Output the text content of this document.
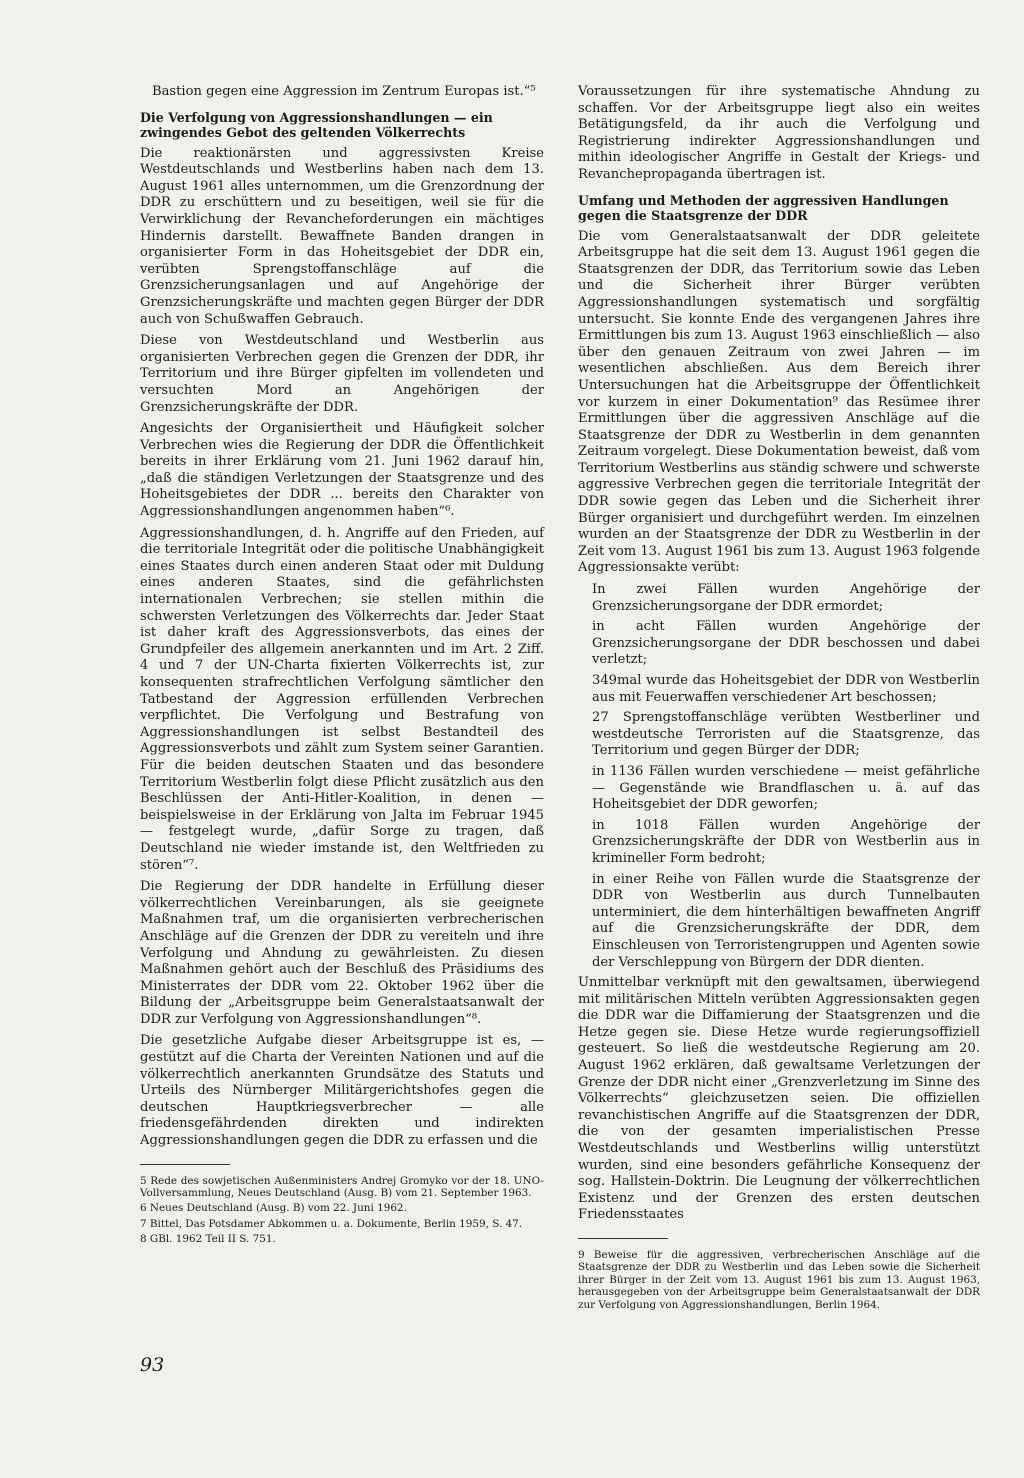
Bastion gegen eine Aggression im Zentrum Europas ist.“⁵

Die Verfolgung von Aggressionshandlungen — ein zwingendes Gebot des geltenden Völkerrechts

Die reaktionärsten und aggressivsten Kreise Westdeutschlands und Westberlins haben nach dem 13. August 1961 alles unternommen, um die Grenzordnung der DDR zu erschüttern und zu beseitigen, weil sie für die Verwirklichung der Revancheforderungen ein mächtiges Hindernis darstellt. Bewaffnete Banden drangen in organisierter Form in das Hoheitsgebiet der DDR ein, verübten Sprengstoffanschläge auf die Grenzsicherungsanlagen und auf Angehörige der Grenzsicherungskräfte und machten gegen Bürger der DDR auch von Schußwaffen Gebrauch.

Diese von Westdeutschland und Westberlin aus organisierten Verbrechen gegen die Grenzen der DDR, ihr Territorium und ihre Bürger gipfelten im vollendeten und versuchten Mord an Angehörigen der Grenzsicherungskräfte der DDR.

Angesichts der Organisiertheit und Häufigkeit solcher Verbrechen wies die Regierung der DDR die Öffentlichkeit bereits in ihrer Erklärung vom 21. Juni 1962 darauf hin, „daß die ständigen Verletzungen der Staatsgrenze und des Hoheitsgebietes der DDR ... bereits den Charakter von Aggressionshandlungen angenommen haben“⁶.

Aggressionshandlungen, d. h. Angriffe auf den Frieden, auf die territoriale Integrität oder die politische Unabhängigkeit eines Staates durch einen anderen Staat oder mit Duldung eines anderen Staates, sind die gefährlichsten internationalen Verbrechen; sie stellen mithin die schwersten Verletzungen des Völkerrechts dar. Jeder Staat ist daher kraft des Aggressionsverbots, das eines der Grundpfeiler des allgemein anerkannten und im Art. 2 Ziff. 4 und 7 der UN-Charta fixierten Völkerrechts ist, zur konsequenten strafrechtlichen Verfolgung sämtlicher den Tatbestand der Aggression erfüllenden Verbrechen verpflichtet. Die Verfolgung und Bestrafung von Aggressionshandlungen ist selbst Bestandteil des Aggressionsverbots und zählt zum System seiner Garantien. Für die beiden deutschen Staaten und das besondere Territorium Westberlin folgt diese Pflicht zusätzlich aus den Beschlüssen der Anti-Hitler-Koalition, in denen — beispielsweise in der Erklärung von Jalta im Februar 1945 — festgelegt wurde, „dafür Sorge zu tragen, daß Deutschland nie wieder imstande ist, den Weltfrieden zu stören“⁷.

Die Regierung der DDR handelte in Erfüllung dieser völkerrechtlichen Vereinbarungen, als sie geeignete Maßnahmen traf, um die organisierten verbrecherischen Anschläge auf die Grenzen der DDR zu vereiteln und ihre Verfolgung und Ahndung zu gewährleisten. Zu diesen Maßnahmen gehört auch der Beschluß des Präsidiums des Ministerrates der DDR vom 22. Oktober 1962 über die Bildung der „Arbeitsgruppe beim Generalstaatsanwalt der DDR zur Verfolgung von Aggressionshandlungen“⁸.

Die gesetzliche Aufgabe dieser Arbeitsgruppe ist es, — gestützt auf die Charta der Vereinten Nationen und auf die völkerrechtlich anerkannten Grundsätze des Statuts und Urteils des Nürnberger Militärgerichtshofes gegen die deutschen Hauptkriegsverbrecher — alle friedensgefährdenden direkten und indirekten Aggressionshandlungen gegen die DDR zu erfassen und die

5 Rede des sowjetischen Außenministers Andrej Gromyko vor der 18. UNO-Vollversammlung, Neues Deutschland (Ausg. B) vom 21. September 1963.

6 Neues Deutschland (Ausg. B) vom 22. Juni 1962.

7 Bittel, Das Potsdamer Abkommen u. a. Dokumente, Berlin 1959, S. 47.

8 GBl. 1962 Teil II S. 751.

Voraussetzungen für ihre systematische Ahndung zu schaffen. Vor der Arbeitsgruppe liegt also ein weites Betätigungsfeld, da ihr auch die Verfolgung und Registrierung indirekter Aggressionshandlungen und mithin ideologischer Angriffe in Gestalt der Kriegs- und Revanchepropaganda übertragen ist.

Umfang und Methoden der aggressiven Handlungen gegen die Staatsgrenze der DDR

Die vom Generalstaatsanwalt der DDR geleitete Arbeitsgruppe hat die seit dem 13. August 1961 gegen die Staatsgrenzen der DDR, das Territorium sowie das Leben und die Sicherheit ihrer Bürger verübten Aggressionshandlungen systematisch und sorgfältig untersucht. Sie konnte Ende des vergangenen Jahres ihre Ermittlungen bis zum 13. August 1963 einschließlich — also über den genauen Zeitraum von zwei Jahren — im wesentlichen abschließen. Aus dem Bereich ihrer Untersuchungen hat die Arbeitsgruppe der Öffentlichkeit vor kurzem in einer Dokumentation⁹ das Resümee ihrer Ermittlungen über die aggressiven Anschläge auf die Staatsgrenze der DDR zu Westberlin in dem genannten Zeitraum vorgelegt. Diese Dokumentation beweist, daß vom Territorium Westberlins aus ständig schwere und schwerste aggressive Verbrechen gegen die territoriale Integrität der DDR sowie gegen das Leben und die Sicherheit ihrer Bürger organisiert und durchgeführt werden. Im einzelnen wurden an der Staatsgrenze der DDR zu Westberlin in der Zeit vom 13. August 1961 bis zum 13. August 1963 folgende Aggressionsakte verübt:

In zwei Fällen wurden Angehörige der Grenzsicherungsorgane der DDR ermordet;

in acht Fällen wurden Angehörige der Grenzsicherungsorgane der DDR beschossen und dabei verletzt;

349mal wurde das Hoheitsgebiet der DDR von Westberlin aus mit Feuerwaffen verschiedener Art beschossen;

27 Sprengstoffanschläge verübten Westberliner und westdeutsche Terroristen auf die Staatsgrenze, das Territorium und gegen Bürger der DDR;

in 1136 Fällen wurden verschiedene — meist gefährliche — Gegenstände wie Brandflaschen u. ä. auf das Hoheitsgebiet der DDR geworfen;

in 1018 Fällen wurden Angehörige der Grenzsicherungskräfte der DDR von Westberlin aus in krimineller Form bedroht;

in einer Reihe von Fällen wurde die Staatsgrenze der DDR von Westberlin aus durch Tunnelbauten unterminiert, die dem hinterhältigen bewaffneten Angriff auf die Grenzsicherungskräfte der DDR, dem Einschleusen von Terroristengruppen und Agenten sowie der Verschleppung von Bürgern der DDR dienten.

Unmittelbar verknüpft mit den gewaltsamen, überwiegend mit militärischen Mitteln verübten Aggressionsakten gegen die DDR war die Diffamierung der Staatsgrenzen und die Hetze gegen sie. Diese Hetze wurde regierungsoffiziell gesteuert. So ließ die westdeutsche Regierung am 20. August 1962 erklären, daß gewaltsame Verletzungen der Grenze der DDR nicht einer „Grenzverletzung im Sinne des Völkerrechts“ gleichzusetzen seien. Die offiziellen revanchistischen Angriffe auf die Staatsgrenzen der DDR, die von der gesamten imperialistischen Presse Westdeutschlands und Westberlins willig unterstützt wurden, sind eine besonders gefährliche Konsequenz der sog. Hallstein-Doktrin. Die Leugnung der völkerrechtlichen Existenz und der Grenzen des ersten deutschen Friedensstaates

9 Beweise für die aggressiven, verbrecherischen Anschläge auf die Staatsgrenze der DDR zu Westberlin und das Leben sowie die Sicherheit ihrer Bürger in der Zeit vom 13. August 1961 bis zum 13. August 1963, herausgegeben von der Arbeitsgruppe beim Generalstaatsanwalt der DDR zur Verfolgung von Aggressionshandlungen, Berlin 1964.

93
